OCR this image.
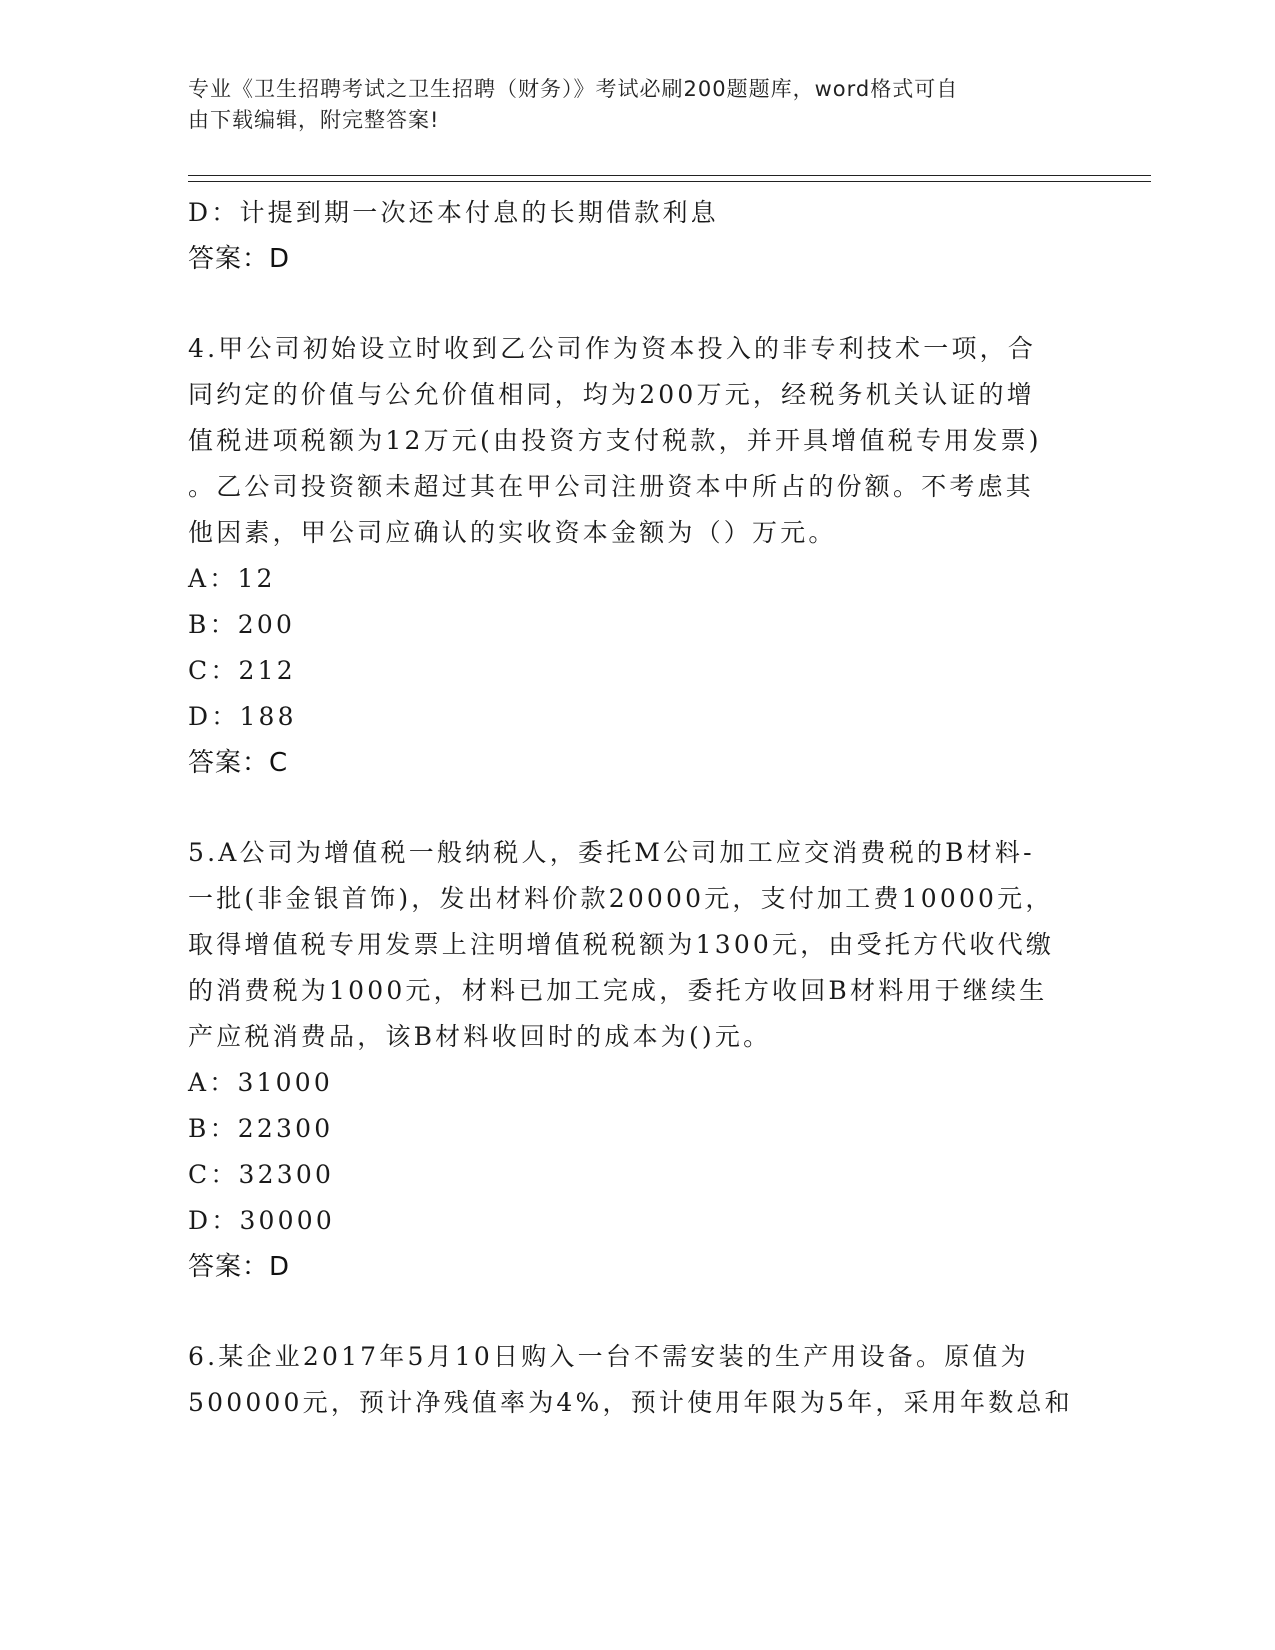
专业《卫生招聘考试之卫生招聘（财务）》考试必刷200题题库，word格式可自
由下载编辑，附完整答案!
D：计提到期一次还本付息的长期借款利息
答案：D
4.甲公司初始设立时收到乙公司作为资本投入的非专利技术一项，合
同约定的价值与公允价值相同，均为200万元，经税务机关认证的增
值税进项税额为12万元(由投资方支付税款，并开具增值税专用发票)
。乙公司投资额未超过其在甲公司注册资本中所占的份额。不考虑其
他因素，甲公司应确认的实收资本金额为（）万元。
A：12
B：200
C：212
D：188
答案：C
5.A公司为增值税一般纳税人，委托M公司加工应交消费税的B材料-
一批(非金银首饰)，发出材料价款20000元，支付加工费10000元，
取得增值税专用发票上注明增值税税额为1300元，由受托方代收代缴
的消费税为1000元，材料已加工完成，委托方收回B材料用于继续生
产应税消费品，该B材料收回时的成本为()元。
A：31000
B：22300
C：32300
D：30000
答案：D
6.某企业2017年5月10日购入一台不需安装的生产用设备。原值为
500000元，预计净残值率为4%，预计使用年限为5年，采用年数总和
